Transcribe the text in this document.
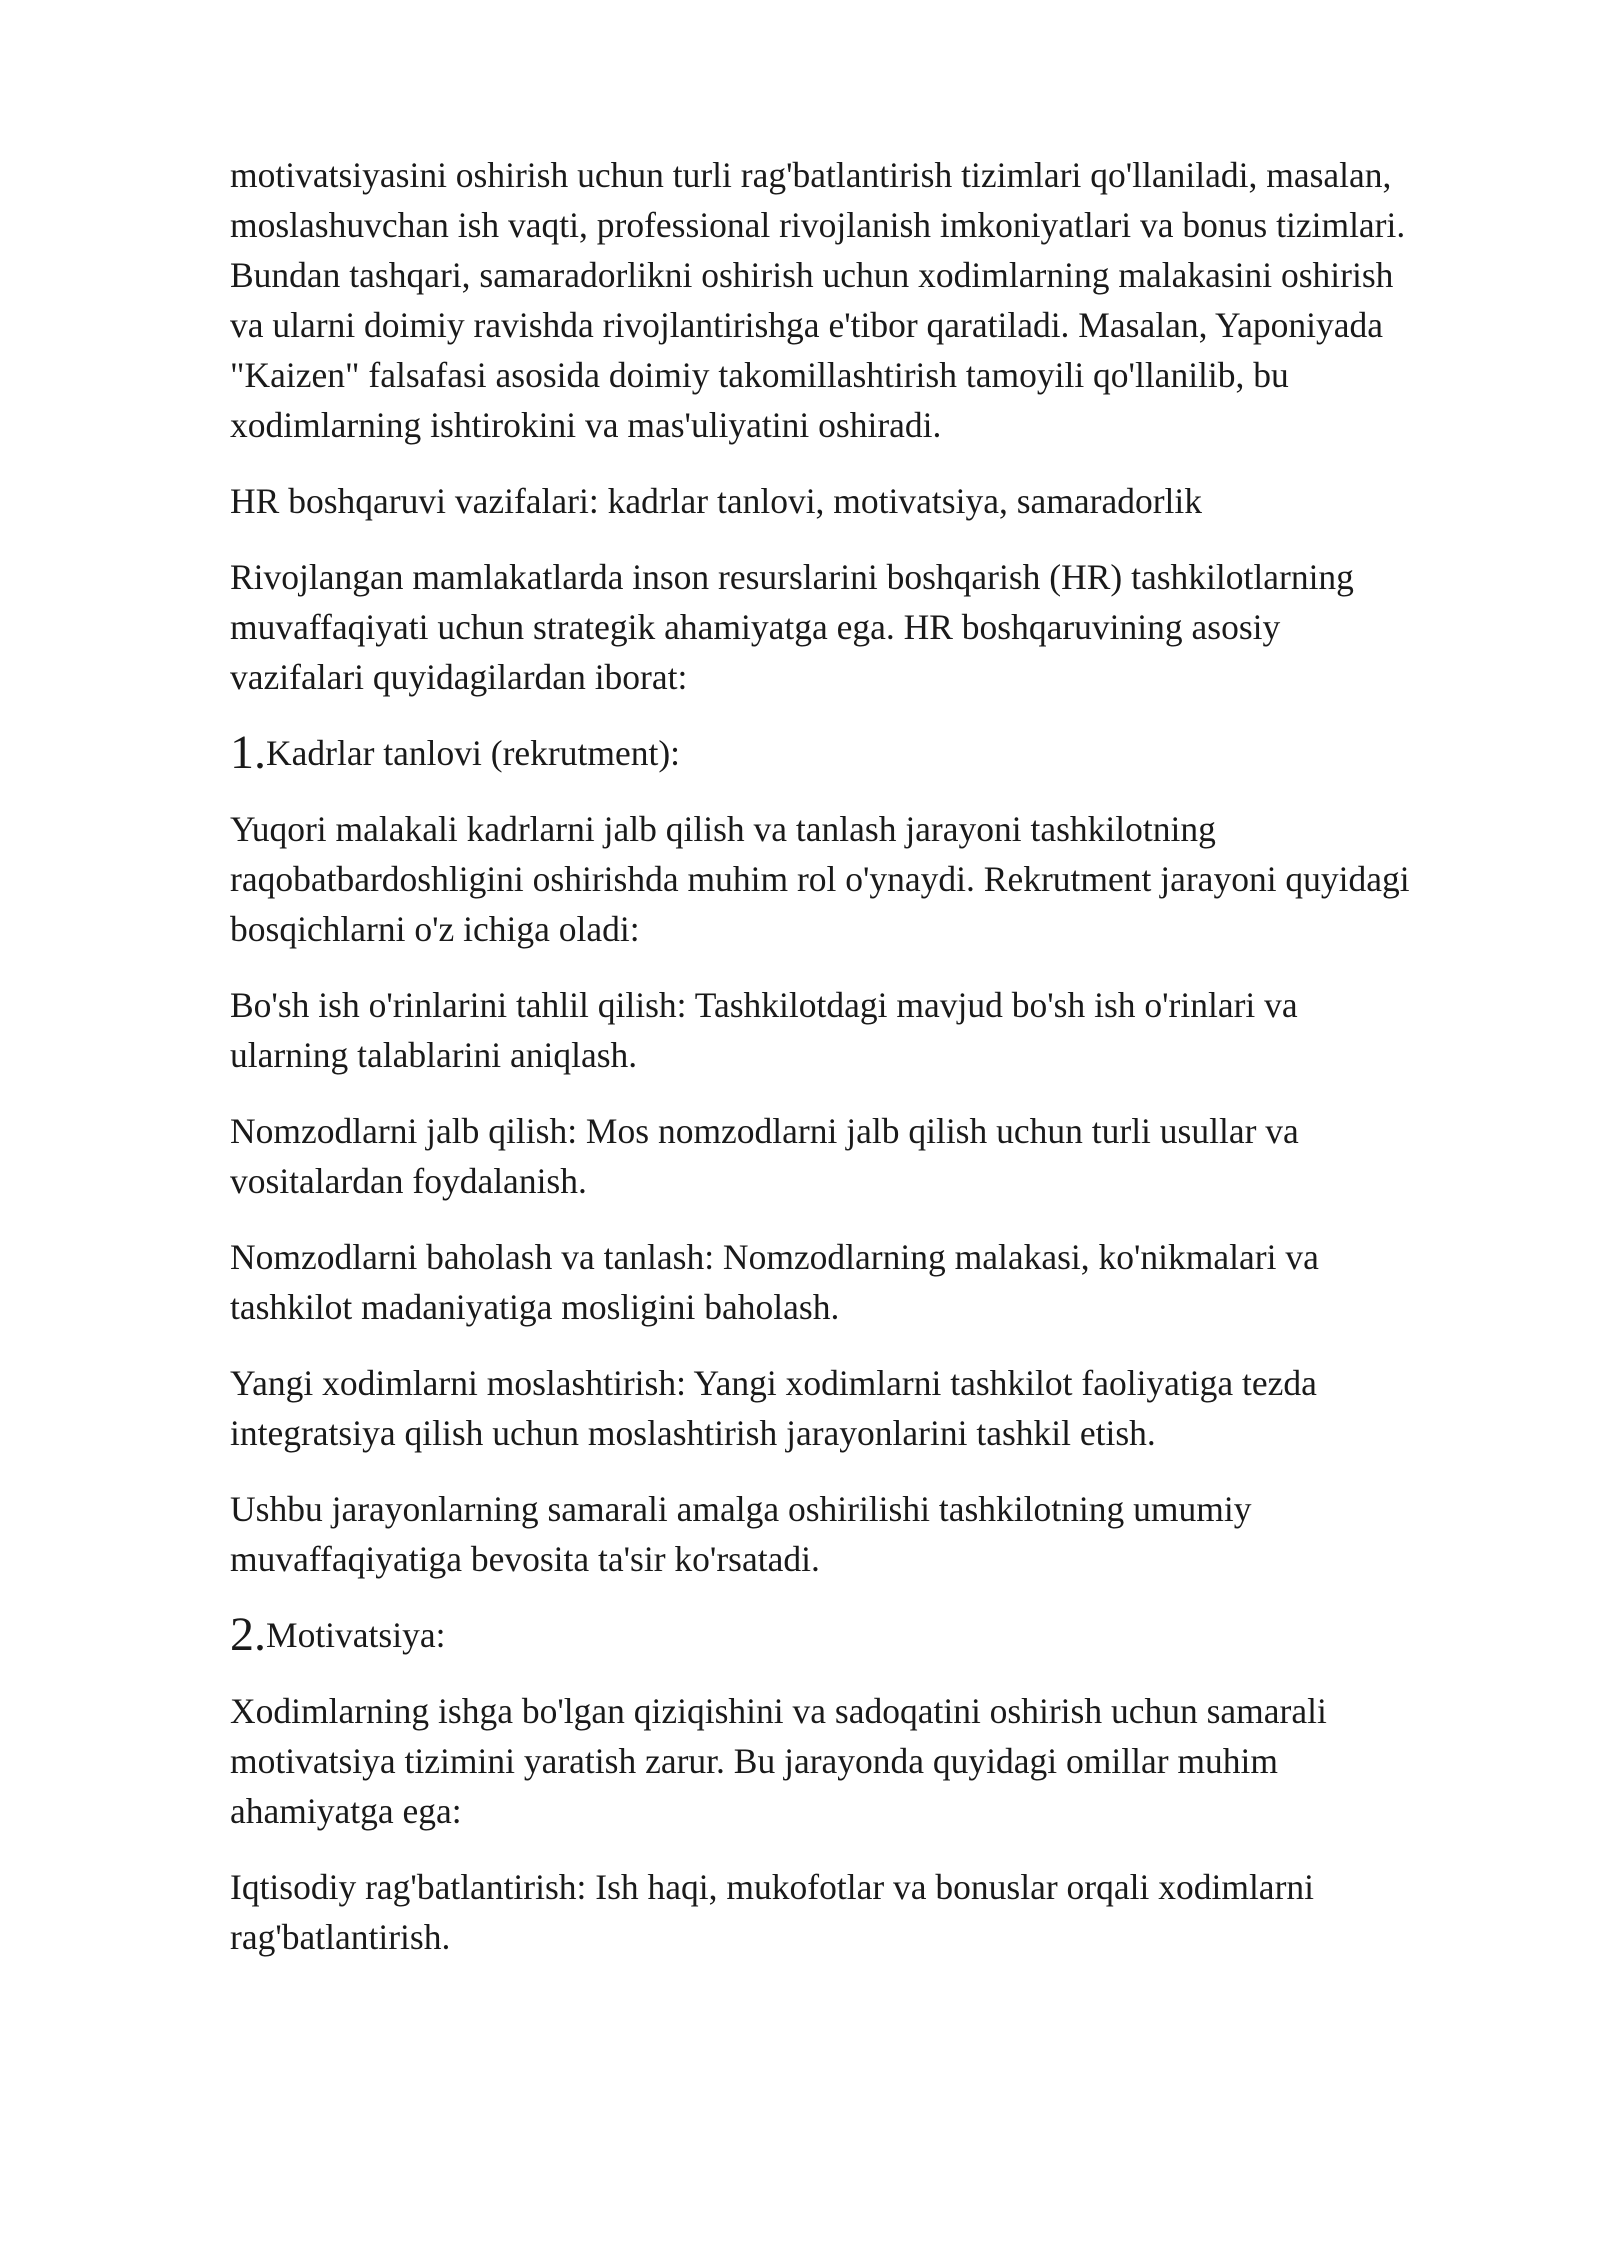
motivatsiyasini oshirish uchun turli rag'batlantirish tizimlari qo'llaniladi, masalan,
moslashuvchan ish vaqti, professional rivojlanish imkoniyatlari va bonus tizimlari.
Bundan tashqari, samaradorlikni oshirish uchun xodimlarning malakasini oshirish
va ularni doimiy ravishda rivojlantirishga e'tibor qaratiladi. Masalan, Yaponiyada
"Kaizen" falsafasi asosida doimiy takomillashtirish tamoyili qo'llanilib, bu
xodimlarning ishtirokini va mas'uliyatini oshiradi.

HR boshqaruvi vazifalari: kadrlar tanlovi, motivatsiya, samaradorlik

Rivojlangan mamlakatlarda inson resurslarini boshqarish (HR) tashkilotlarning
muvaffaqiyati uchun strategik ahamiyatga ega. HR boshqaruvining asosiy
vazifalari quyidagilardan iborat:

1.Kadrlar tanlovi (rekrutment):

Yuqori malakali kadrlarni jalb qilish va tanlash jarayoni tashkilotning
raqobatbardoshligini oshirishda muhim rol o'ynaydi. Rekrutment jarayoni quyidagi
bosqichlarni o'z ichiga oladi:

Bo'sh ish o'rinlarini tahlil qilish: Tashkilotdagi mavjud bo'sh ish o'rinlari va
ularning talablarini aniqlash.

Nomzodlarni jalb qilish: Mos nomzodlarni jalb qilish uchun turli usullar va
vositalardan foydalanish.

Nomzodlarni baholash va tanlash: Nomzodlarning malakasi, ko'nikmalari va
tashkilot madaniyatiga mosligini baholash.

Yangi xodimlarni moslashtirish: Yangi xodimlarni tashkilot faoliyatiga tezda
integratsiya qilish uchun moslashtirish jarayonlarini tashkil etish.

Ushbu jarayonlarning samarali amalga oshirilishi tashkilotning umumiy
muvaffaqiyatiga bevosita ta'sir ko'rsatadi.

2.Motivatsiya:

Xodimlarning ishga bo'lgan qiziqishini va sadoqatini oshirish uchun samarali
motivatsiya tizimini yaratish zarur. Bu jarayonda quyidagi omillar muhim
ahamiyatga ega:

Iqtisodiy rag'batlantirish: Ish haqi, mukofotlar va bonuslar orqali xodimlarni
rag'batlantirish.
